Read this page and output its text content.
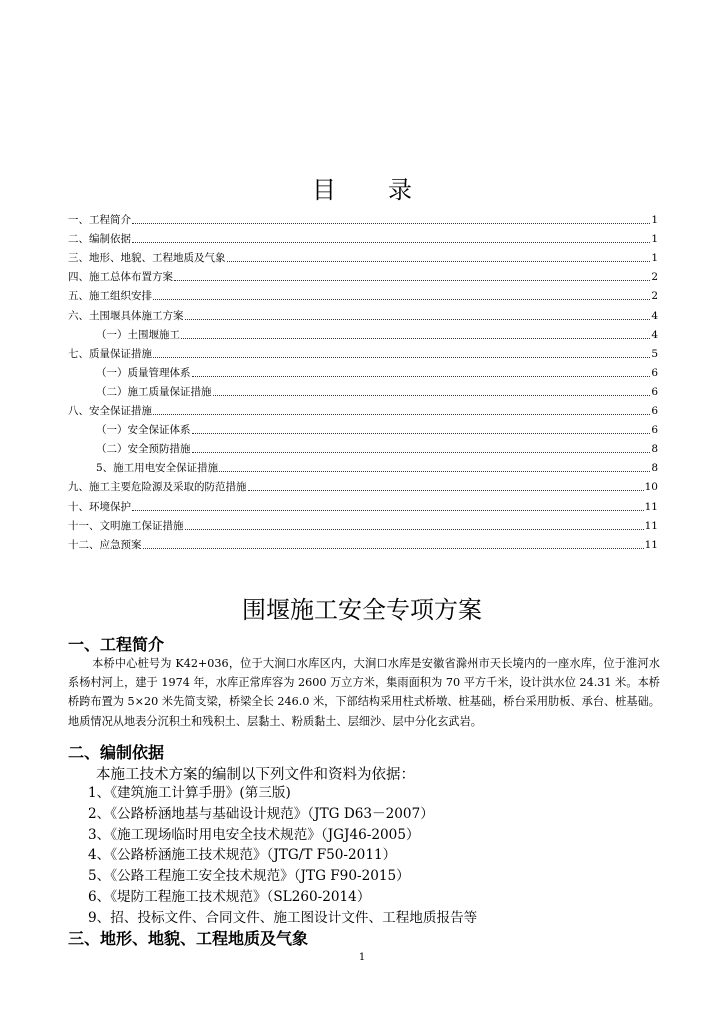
目 录
一、工程简介	1
二、编制依据	1
三、地形、地貌、工程地质及气象	1
四、施工总体布置方案	2
五、施工组织安排	2
六、土围堰具体施工方案	4
（一）土围堰施工	4
七、质量保证措施	5
（一）质量管理体系	6
（二）施工质量保证措施	6
八、安全保证措施	6
（一）安全保证体系	6
（二）安全预防措施	8
5、施工用电安全保证措施	8
九、施工主要危险源及采取的防范措施	10
十、环境保护	11
十一、文明施工保证措施	11
十二、应急预案	11
围堰施工安全专项方案
一、工程简介
本桥中心桩号为 K42+036，位于大涧口水库区内，大涧口水库是安徽省滁州市天长境内的一座水库，位于淮河水系杨村河上，建于 1974 年，水库正常库容为 2600 万立方米，集雨面积为 70 平方千米，设计洪水位 24.31 米。本桥桥跨布置为 5×20 米先简支梁，桥梁全长 246.0 米，下部结构采用柱式桥墩、桩基础，桥台采用肋板、承台、桩基础。地质情况从地表分沉积土和残积土、层黏土、粉质黏土、层细沙、层中分化玄武岩。
二、编制依据
本施工技术方案的编制以下列文件和资料为依据：
1、《建筑施工计算手册》(第三版)
2、《公路桥涵地基与基础设计规范》（JTG D63－2007）
3、《施工现场临时用电安全技术规范》（JGJ46-2005）
4、《公路桥涵施工技术规范》（JTG/T F50-2011）
5、《公路工程施工安全技术规范》（JTG F90-2015）
6、《堤防工程施工技术规范》（SL260-2014）
9、招、投标文件、合同文件、施工图设计文件、工程地质报告等
三、地形、地貌、工程地质及气象
1
